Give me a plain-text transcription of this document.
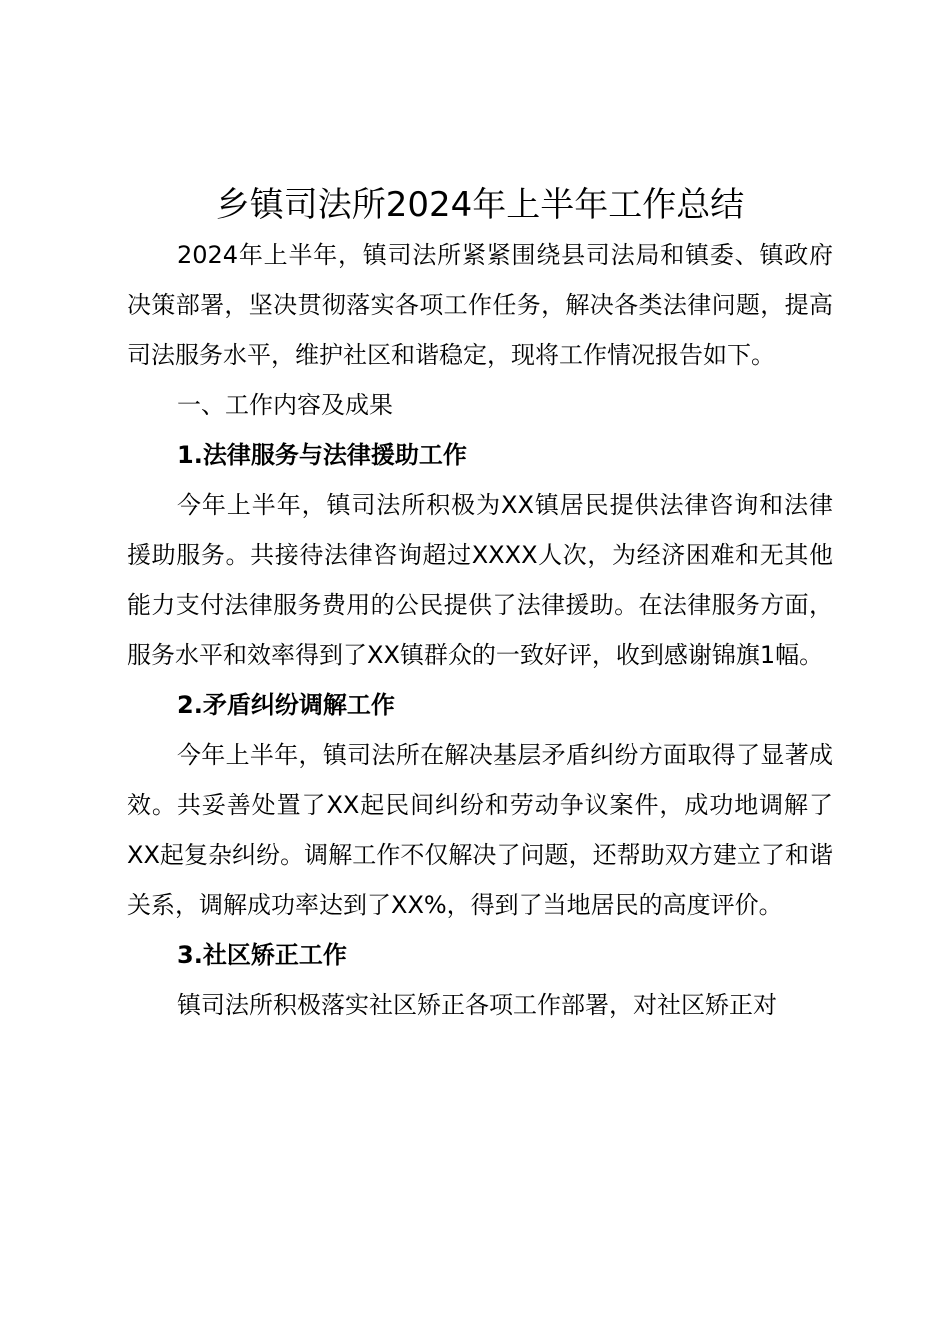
乡镇司法所2024年上半年工作总结

2024年上半年，镇司法所紧紧围绕县司法局和镇委、镇政府决策部署，坚决贯彻落实各项工作任务，解决各类法律问题，提高司法服务水平，维护社区和谐稳定，现将工作情况报告如下。

一、工作内容及成果

1.法律服务与法律援助工作

今年上半年，镇司法所积极为XX镇居民提供法律咨询和法律援助服务。共接待法律咨询超过XXXX人次，为经济困难和无其他能力支付法律服务费用的公民提供了法律援助。在法律服务方面，服务水平和效率得到了XX镇群众的一致好评，收到感谢锦旗1幅。

2.矛盾纠纷调解工作

今年上半年，镇司法所在解决基层矛盾纠纷方面取得了显著成效。共妥善处置了XX起民间纠纷和劳动争议案件，成功地调解了XX起复杂纠纷。调解工作不仅解决了问题，还帮助双方建立了和谐关系，调解成功率达到了XX%，得到了当地居民的高度评价。

3.社区矫正工作

镇司法所积极落实社区矫正各项工作部署，对社区矫正对
